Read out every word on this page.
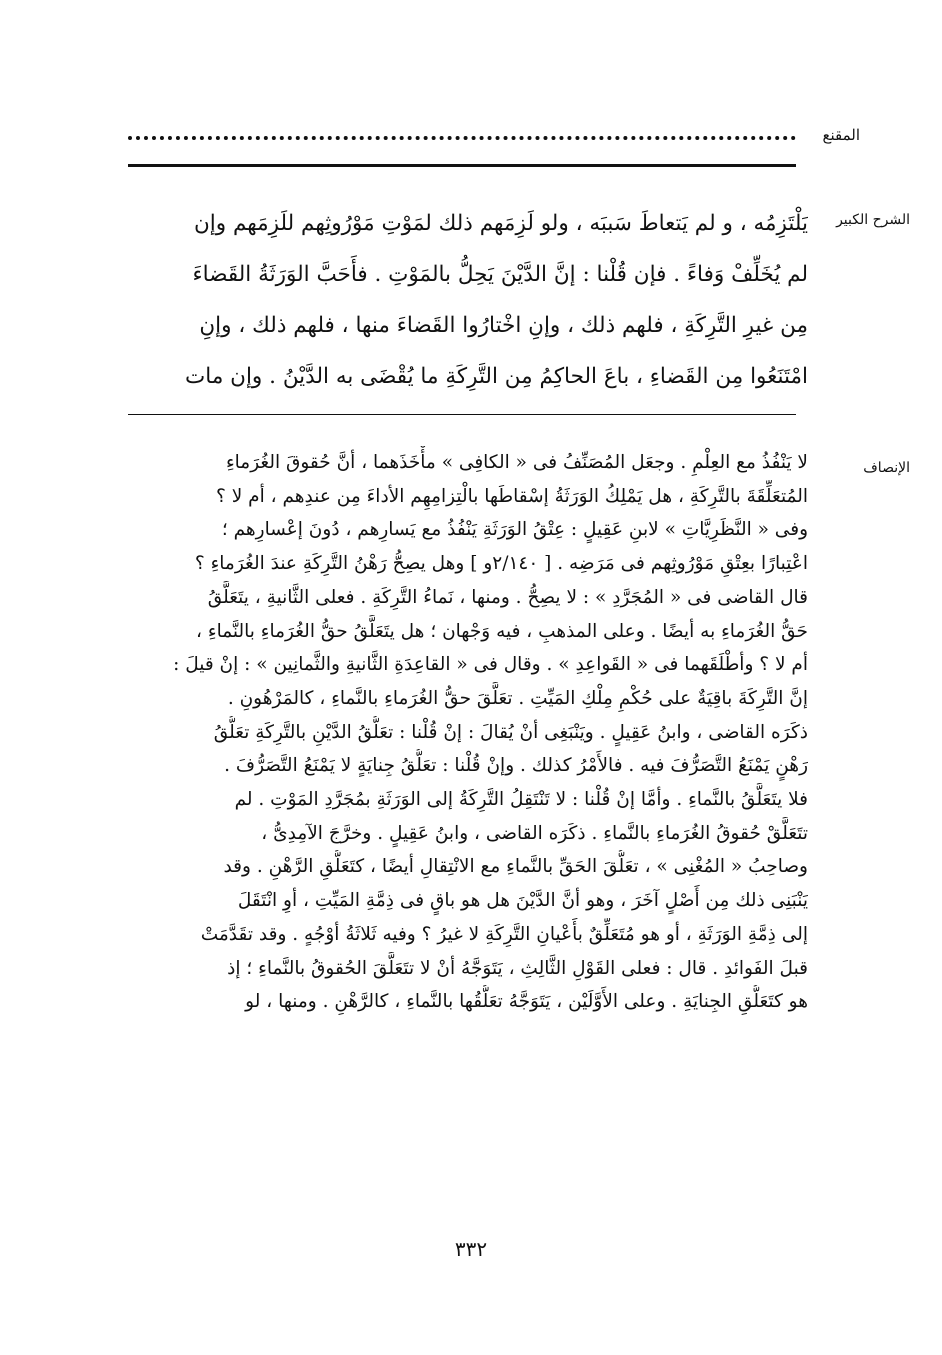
المقنع
الشرح الكبير
يَلْتَزِمُه ، و لم يَتعاطَ سَببَه ، ولو لَزِمَهم ذلك لمَوْتِ مَوْرُوثِهم للَزِمَهم وإن
لم يُخَلِّفْ وَفاءً . فإن قُلْنا : إنَّ الدَّيْنَ يَحِلُّ بالمَوْتِ . فأَحَبَّ الوَرَثَةُ القَضاءَ
مِن غيرِ التَّرِكَةِ ، فلهم ذلك ، وإنِ اخْتارُوا القَضاءَ منها ، فلهم ذلك ، وإنِ
امْتَنَعُوا مِن القَضاءِ ، باعَ الحاكِمُ مِن التَّرِكَةِ ما يُقْضَى به الدَّيْنُ . وإن مات
الإنصاف
لا يَنْفُذُ مع العِلْمِ . وجعَل المُصَنِّفُ فى « الكافِى » مأْخَذَهما ، أنَّ حُقوقَ الغُرَماءِ
المُتعَلِّقَةَ بالتَّرِكَةِ ، هل يَمْلِكُ الوَرَثَةُ إسْقاطَها بالْتِزامِهِم الأداءَ مِن عندِهم ، أم لا ؟
وفى « النَّظَرِيَّاتِ » لابنِ عَقِيلٍ : عِتْقُ الوَرَثَةِ يَنْفُذُ مع يَسارِهم ، دُونَ إعْسارِهم ؛
اعْتِبارًا بعِتْقِ مَوْرُوثِهم فى مَرَضِه . [ ٢/١٤٠و ] وهل يصِحُّ رَهْنُ التَّرِكَةِ عندَ الغُرَماءِ ؟
قال القاضى فى « المُجَرَّدِ » : لا يصِحُّ . ومنها ، نَماءُ التَّرِكَةِ . فعلى الثَّانيةِ ، يتَعَلَّقُ
حَقُّ الغُرَماءِ به أيضًا . وعلى المذهبِ ، فيه وَجْهان ؛ هل يتَعَلَّقُ حقُّ الغُرَماءِ بالنَّماءِ ،
أم لا ؟ وأطْلَقَهما فى « القَواعِدِ » . وقال فى « القاعِدَةِ الثَّانيةِ والثَّمانِين » : إنْ قيلَ :
إنَّ التَّرِكَةَ باقِيَةٌ على حُكْمِ مِلْكِ المَيِّتِ . تعَلَّقَ حقُّ الغُرَماءِ بالنَّماءِ ، كالمَرْهُونِ .
ذكَرَه القاضى ، وابنُ عَقِيلٍ . ويَنْبَغِى أنْ يُقالَ : إنْ قُلْنا : تعَلُّقُ الدَّيْنِ بالتَّرِكَةِ تعَلُّقُ
رَهْنٍ يَمْنَعُ التَّصَرُّفَ فيه . فالأَمْرُ كذلك . وإنْ قُلْنا : تعَلُّقُ جِنايَةٍ لا يَمْنَعُ التَّصَرُّفَ .
فلا يتَعَلَّقُ بالنَّماءِ . وأمَّا إنْ قُلْنا : لا تَنْتَقِلُ التَّرِكَةُ إلى الوَرَثَةِ بمُجَرَّدِ المَوْتِ . لم
تتَعَلَّقْ حُقوقُ الغُرَماءِ بالنَّماءِ . ذكَرَه القاضى ، وابنُ عَقِيلٍ . وخرَّجَ الآمِدِىُّ ،
وصاحِبُ « المُغْنِى » ، تعَلُّقَ الحَقِّ بالنَّماءِ مع الانْتِقالِ أيضًا ، كتَعَلُّقِ الرَّهْنِ . وقد
يَنْبَنِى ذلك مِن أَصْلٍ آخَرَ ، وهو أنَّ الدَّيْنَ هل هو باقٍ فى ذِمَّةِ المَيِّتِ ، أوِ انْتَقَلَ
إلى ذِمَّةِ الوَرَثَةِ ، أو هو مُتَعَلِّقٌ بأَعْيانِ التَّرِكَةِ لا غيرُ ؟ وفيه ثَلاثَةُ أوْجُهٍ . وقد تقَدَّمَتْ
قبلَ الفَوائدِ . قال : فعلى القَوْلِ الثَّالِثِ ، يَتَوَجَّهُ أنْ لا تتَعَلَّقَ الحُقوقُ بالنَّماءِ ؛ إذ
هو كتَعَلُّقِ الجِنايَةِ . وعلى الأَوَّلَيْن ، يَتَوَجَّهُ تعَلُّقُها بالنَّماءِ ، كالرَّهْنِ . ومنها ، لو
٣٣٢
